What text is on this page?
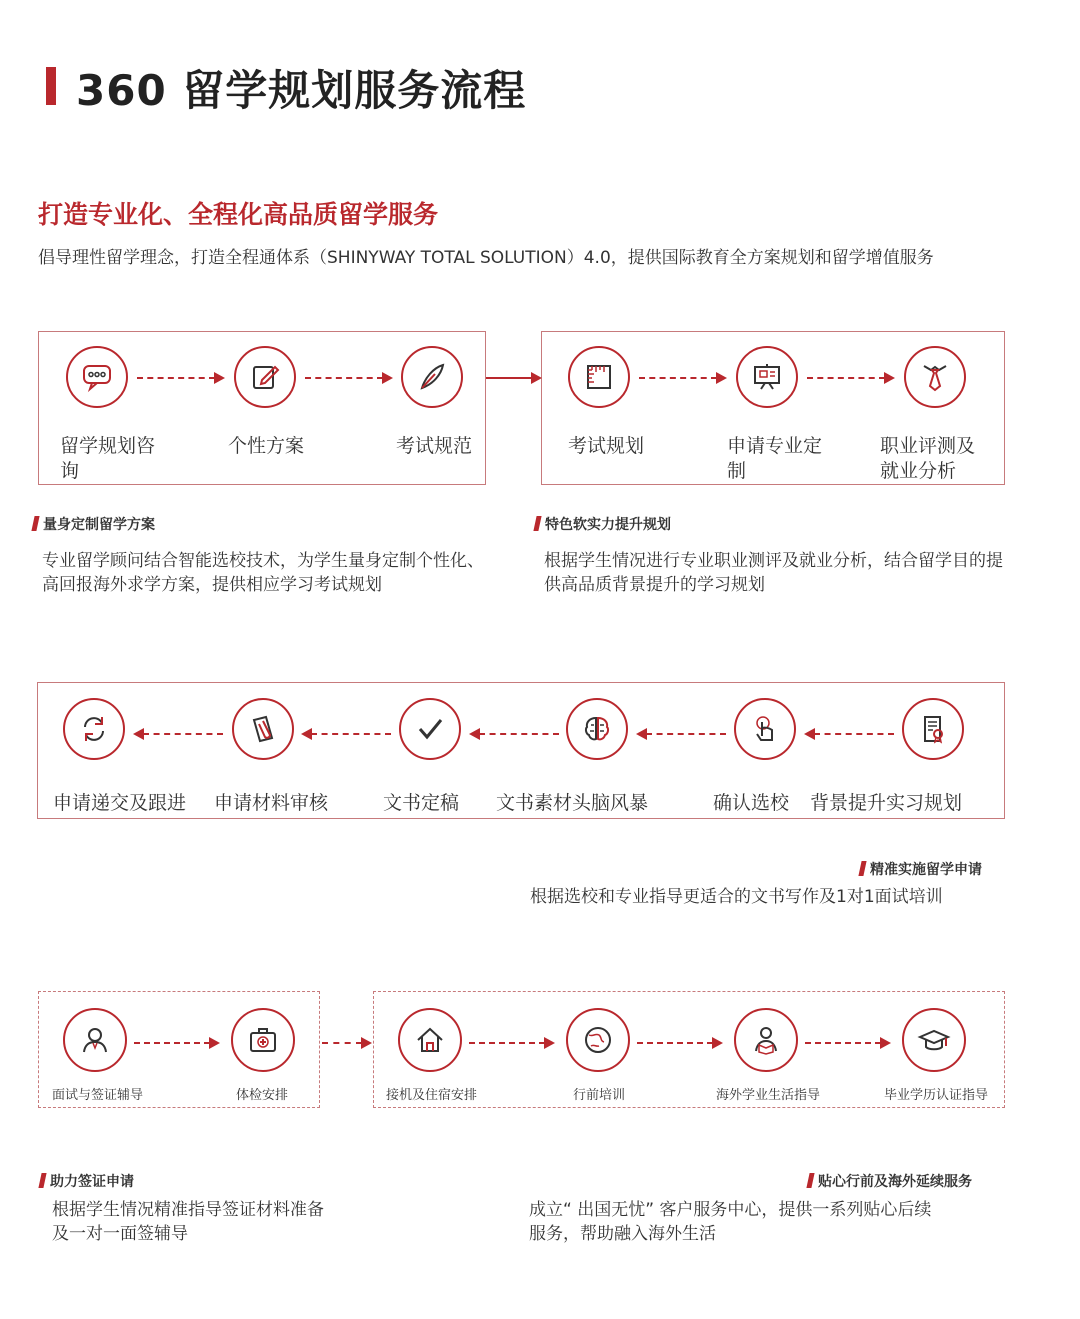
360 留学规划服务流程
打造专业化、全程化高品质留学服务
倡导理性留学理念，打造全程通体系（SHINYWAY TOTAL SOLUTION）4.0，提供国际教育全方案规划和留学增值服务
留学规划咨询
个性方案	考试规范	考试规划	申请专业定制
职业评测及就业分析
量身定制留学方案
专业留学顾问结合智能选校技术，为学生量身定制个性化、高回报海外求学方案，提供相应学习考试规划
特色软实力提升规划
根据学生情况进行专业职业测评及就业分析，结合留学目的提供高品质背景提升的学习规划
申请递交及跟进 申请材料审核	文书定稿 文书素材头脑风暴	确认选校 背景提升实习规划
精准实施留学申请
根据选校和专业指导更适合的文书写作及1对1面试培训
面试与签证辅导	体检安排	接机及住宿安排	行前培训	海外学业生活指导	毕业学历认证指导
助力签证申请
根据学生情况精准指导签证材料准备
及一对一面签辅导
贴心行前及海外延续服务
成立“ 出国无忧” 客户服务中心，提供一系列贴心后续
服务，帮助融入海外生活
